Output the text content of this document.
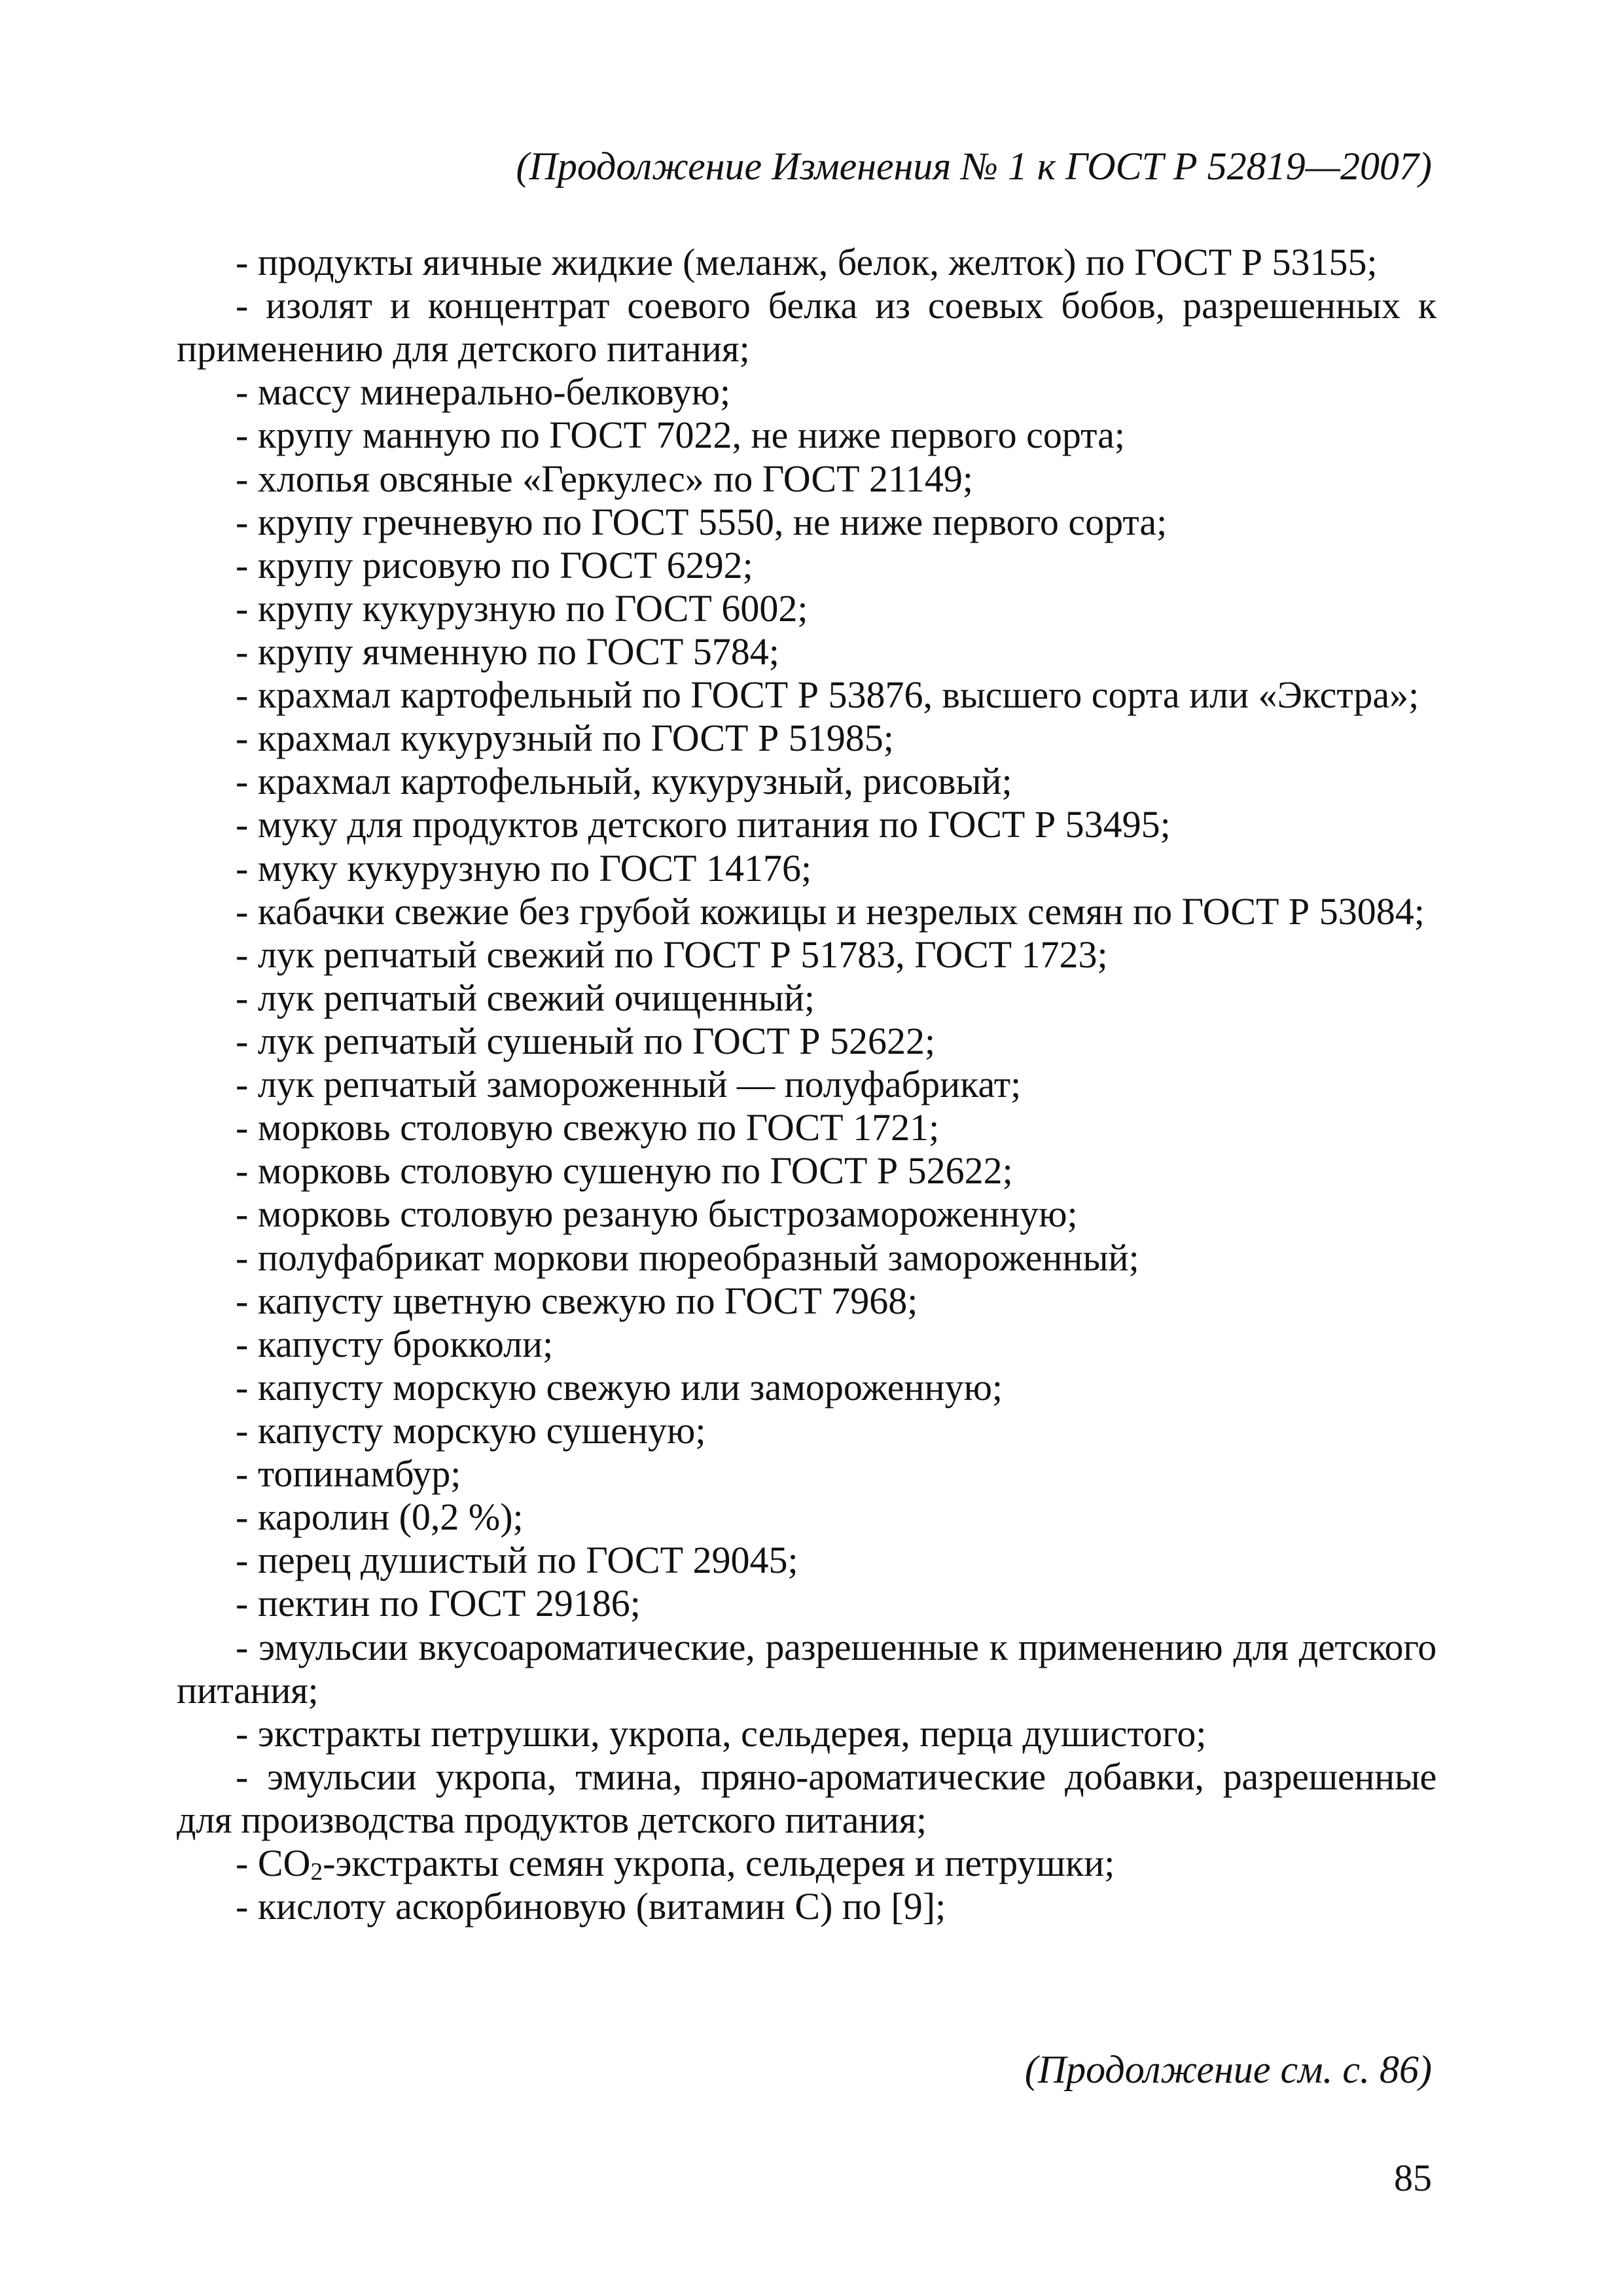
(Продолжение Изменения № 1 к ГОСТ Р 52819—2007)

- продукты яичные жидкие (меланж, белок, желток) по ГОСТ Р 53155;

- изолят и концентрат соевого белка из соевых бобов, разрешенных к применению для детского питания;

- массу минерально-белковую;

- крупу манную по ГОСТ 7022, не ниже первого сорта;

- хлопья овсяные «Геркулес» по ГОСТ 21149;

- крупу гречневую по ГОСТ 5550, не ниже первого сорта;

- крупу рисовую по ГОСТ 6292;

- крупу кукурузную по ГОСТ 6002;

- крупу ячменную по ГОСТ 5784;

- крахмал картофельный по ГОСТ Р 53876, высшего сорта или «Экстра»;

- крахмал кукурузный по ГОСТ Р 51985;

- крахмал картофельный, кукурузный, рисовый;

- муку для продуктов детского питания по ГОСТ Р 53495;

- муку кукурузную по ГОСТ 14176;

- кабачки свежие без грубой кожицы и незрелых семян по ГОСТ Р 53084;

- лук репчатый свежий по ГОСТ Р 51783, ГОСТ 1723;

- лук репчатый свежий очищенный;

- лук репчатый сушеный по ГОСТ Р 52622;

- лук репчатый замороженный — полуфабрикат;

- морковь столовую свежую по ГОСТ 1721;

- морковь столовую сушеную по ГОСТ Р 52622;

- морковь столовую резаную быстрозамороженную;

- полуфабрикат моркови пюреобразный замороженный;

- капусту цветную свежую по ГОСТ 7968;

- капусту брокколи;

- капусту морскую свежую или замороженную;

- капусту морскую сушеную;

- топинамбур;

- каролин (0,2 %);

- перец душистый по ГОСТ 29045;

- пектин по ГОСТ 29186;

- эмульсии вкусоароматические, разрешенные к применению для детского питания;

- экстракты петрушки, укропа, сельдерея, перца душистого;

- эмульсии укропа, тмина, пряно-ароматические добавки, разрешенные для производства продуктов детского питания;

- $СО_2$-экстракты семян укропа, сельдерея и петрушки;

- кислоту аскорбиновую (витамин С) по [9];

(Продолжение см. с. 86)
85
